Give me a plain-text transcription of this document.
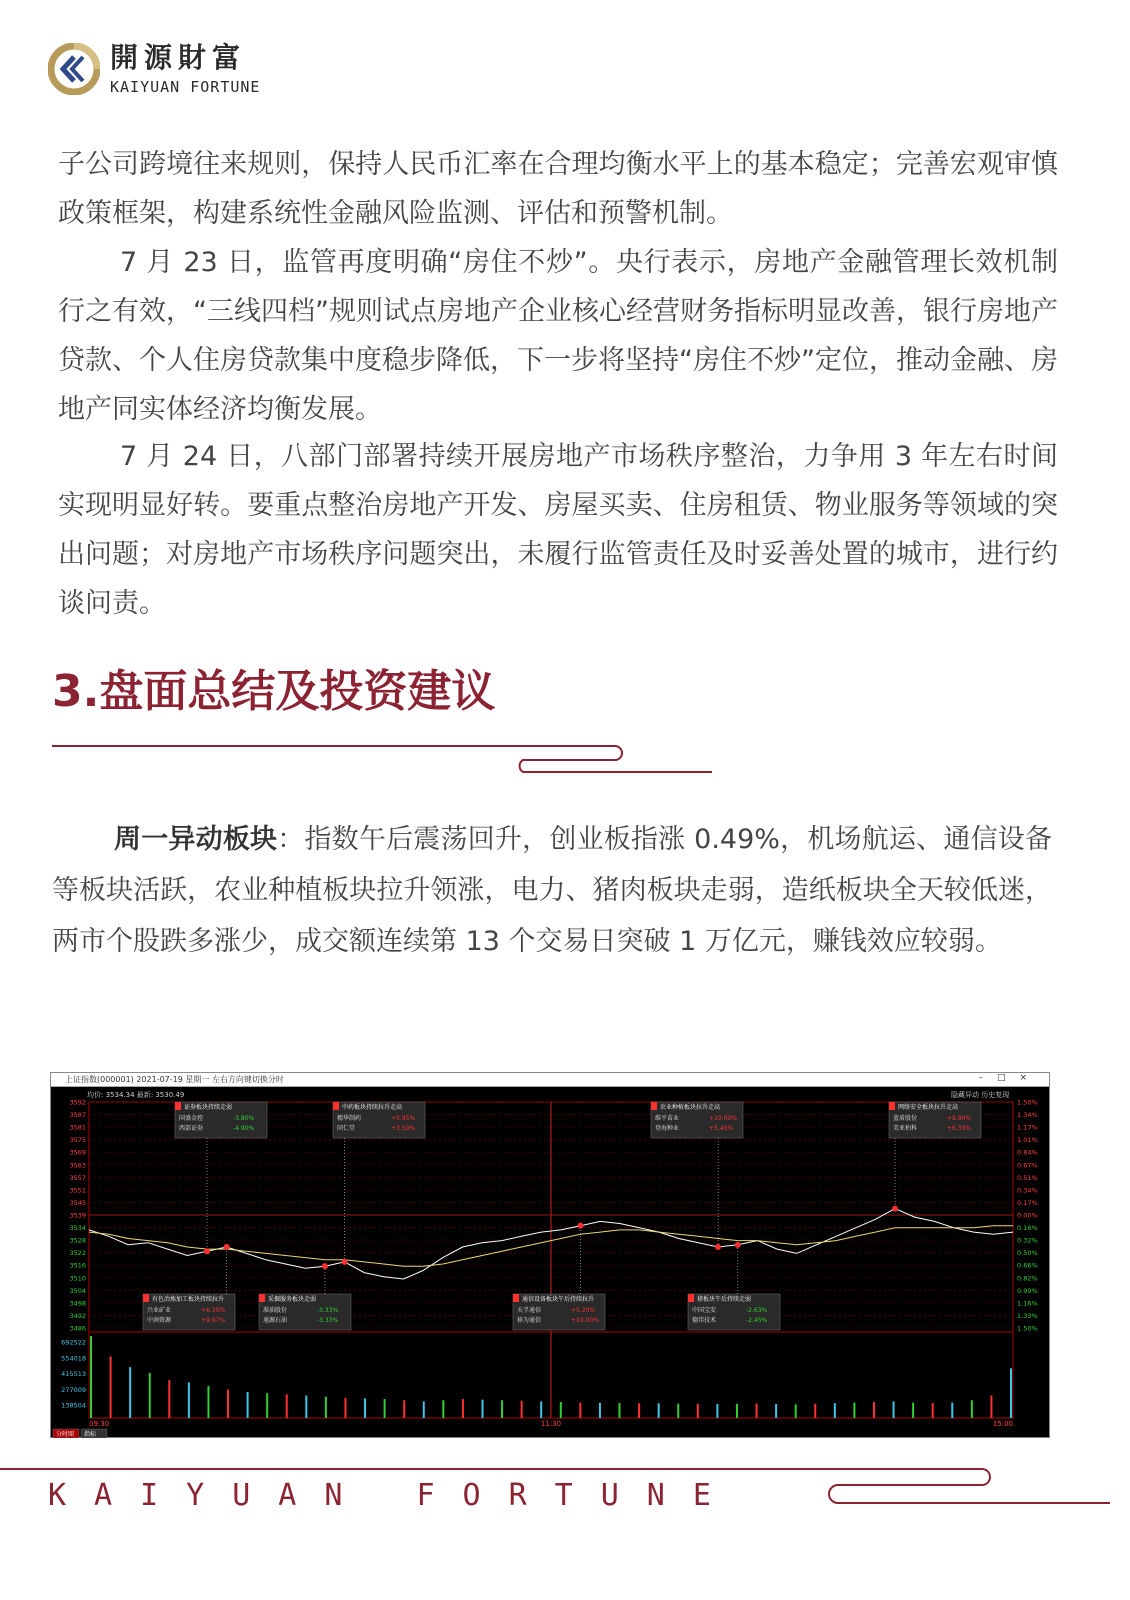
開源財富
KAIYUAN FORTUNE

子公司跨境往来规则，保持人民币汇率在合理均衡水平上的基本稳定；完善宏观审慎政策框架，构建系统性金融风险监测、评估和预警机制。

7 月 23 日，监管再度明确“房住不炒”。央行表示，房地产金融管理长效机制行之有效，“三线四档”规则试点房地产企业核心经营财务指标明显改善，银行房地产贷款、个人住房贷款集中度稳步降低，下一步将坚持“房住不炒”定位，推动金融、房地产同实体经济均衡发展。

7 月 24 日，八部门部署持续开展房地产市场秩序整治，力争用 3 年左右时间实现明显好转。要重点整治房地产开发、房屋买卖、住房租赁、物业服务等领域的突出问题；对房地产市场秩序问题突出，未履行监管责任及时妥善处置的城市，进行约谈问责。

3.盘面总结及投资建议

周一异动板块：指数午后震荡回升，创业板指涨 0.49%，机场航运、通信设备等板块活跃，农业种植板块拉升领涨，电力、猪肉板块走弱，造纸板块全天较低迷，两市个股跌多涨少，成交额连续第 13 个交易日突破 1 万亿元，赚钱效应较弱。

上证指数(000001) 2021-07-19 星期一 左右方向键切换分时	–□×
均价: 3534.34 最新: 3530.49	隐藏异动 历史复现
3592	1.50%
3587	1.34%
3581	1.17%
3575	1.01%
3569	0.84%
3563	0.67%
3557	0.51%
3551	0.34%
3545	0.17%
3539	0.00%
3534	0.16%
3528	0.32%
3522	0.50%
3516	0.66%
3510	0.82%
3504	0.99%
3498	1.16%
3492	1.33%
3486	1.50%
692522
554018
415513
277009
138504
09:30	11:30	15:00
证券板块持续走弱
国盛金控	-3.80%
西部证券	-4.90%
中药板块持续拉升走高
精华制药	+5.95%
同仁堂	+3.50%
农业种植板块拉升走高
维平苗业	+10.00%
登海种业	+5.45%
网络安全板块拉升走高
蓝盾股份	+9.90%
美亚柏科	+6.33%
有色冶炼加工板块持续拉升
兴业矿业	+6.35%
中润资源	+9.97%
采掘服务板块走弱
准油股份	-3.33%
通源石油	-3.33%
通信设备板块午后持续拉升
天孚通信	+5.20%
移为通信	+10.00%
猪板块午后持续走弱
中国宝安	-2.63%
德邦技术	-2.45%
分时图 指标
KAIYUAN FORTUNE
